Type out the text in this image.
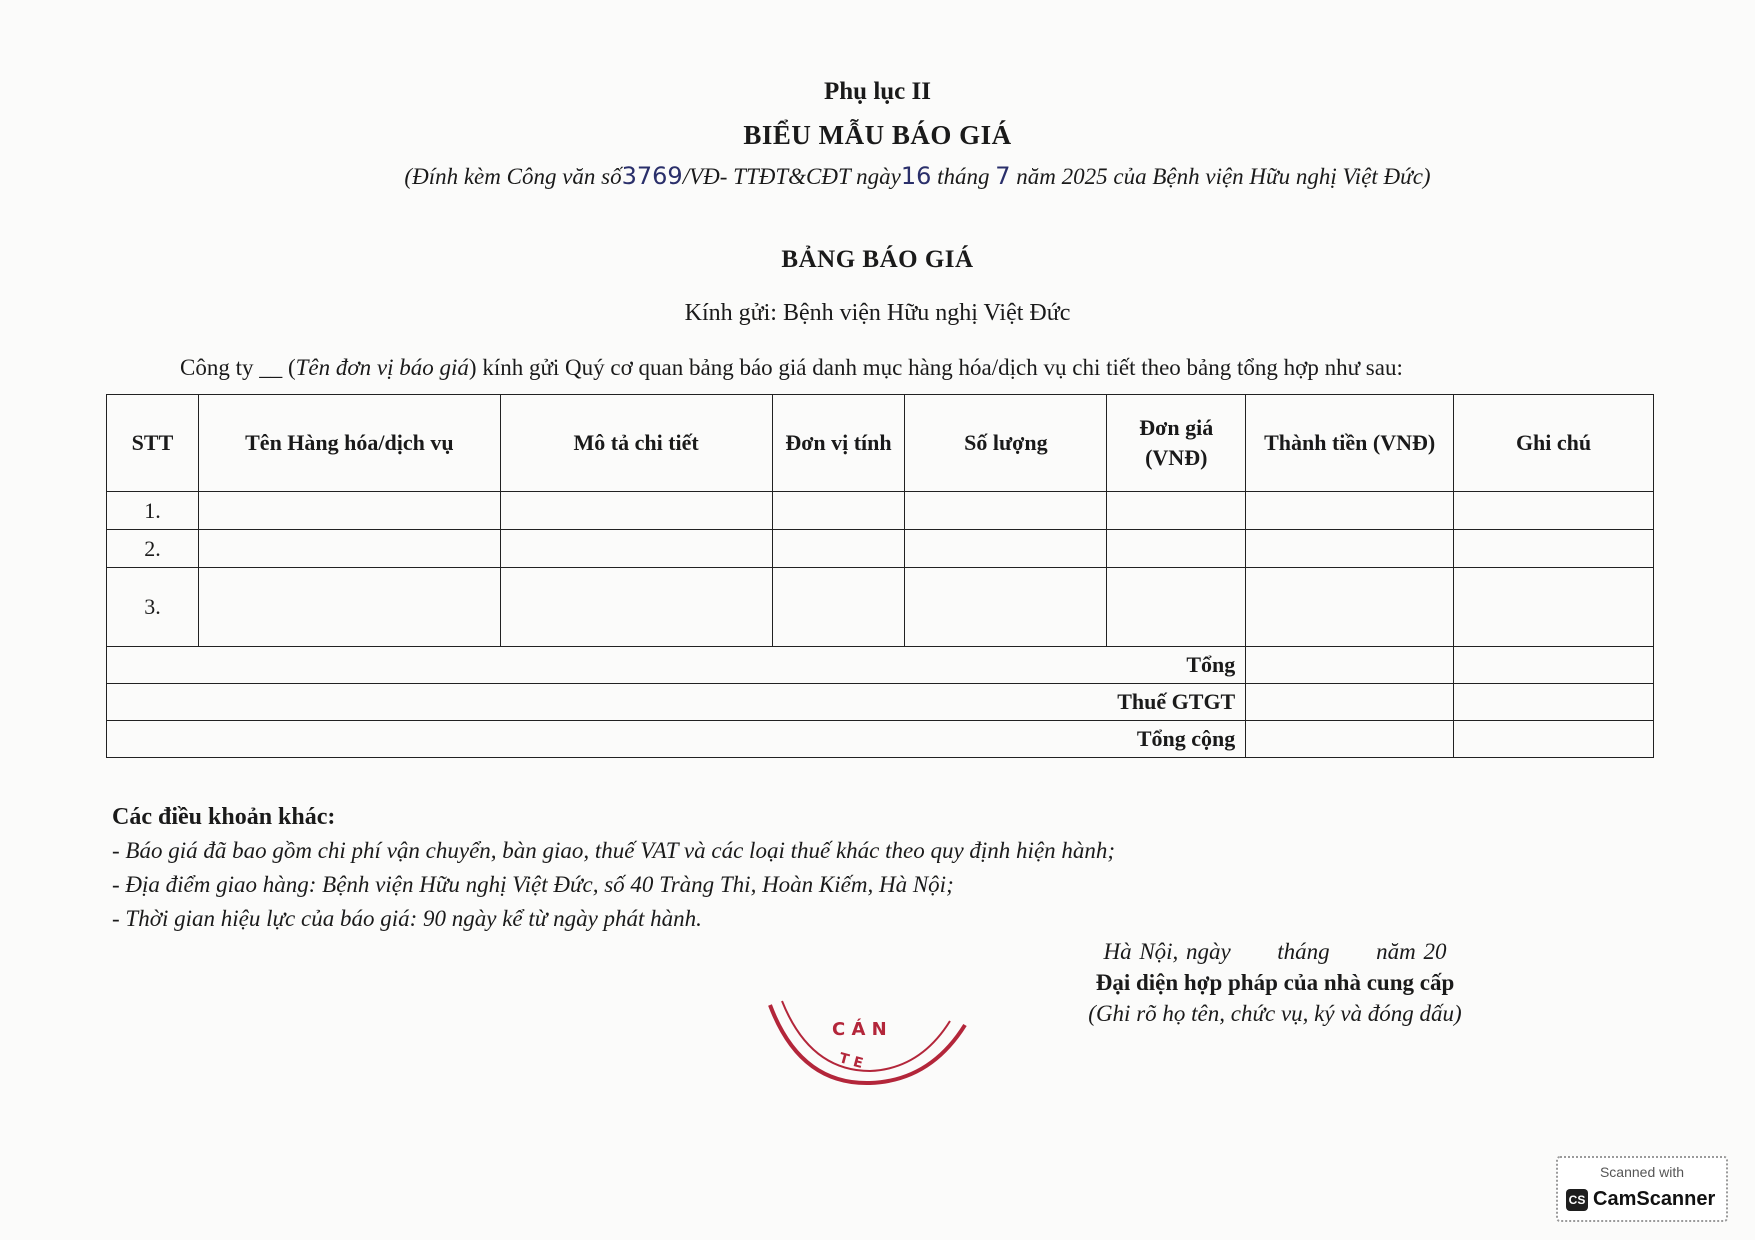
Phụ lục II
BIỂU MẪU BÁO GIÁ
(Đính kèm Công văn số3769/VĐ- TTĐT&CĐT ngày16 tháng 7 năm 2025 của Bệnh viện Hữu nghị Việt Đức)
BẢNG BÁO GIÁ
Kính gửi: Bệnh viện Hữu nghị Việt Đức
Công ty __ (Tên đơn vị báo giá) kính gửi Quý cơ quan bảng báo giá danh mục hàng hóa/dịch vụ chi tiết theo bảng tổng hợp như sau:
STT	Tên Hàng hóa/dịch vụ	Mô tả chi tiết	Đơn vị tính	Số lượng	Đơn giá (VNĐ)	Thành tiền (VNĐ)	Ghi chú
1.							
2.							
3.							
Tổng							
Thuế GTGT							
Tổng cộng							
Các điều khoản khác:
- Báo giá đã bao gồm chi phí vận chuyển, bàn giao, thuế VAT và các loại thuế khác theo quy định hiện hành;
- Địa điểm giao hàng: Bệnh viện Hữu nghị Việt Đức, số 40 Tràng Thi, Hoàn Kiếm, Hà Nội;
- Thời gian hiệu lực của báo giá: 90 ngày kể từ ngày phát hành.
Hà Nội, ngày      tháng      năm 20
Đại diện hợp pháp của nhà cung cấp
(Ghi rõ họ tên, chức vụ, ký và đóng dấu)
C Á N
T E
Scanned with
CS CamScanner
